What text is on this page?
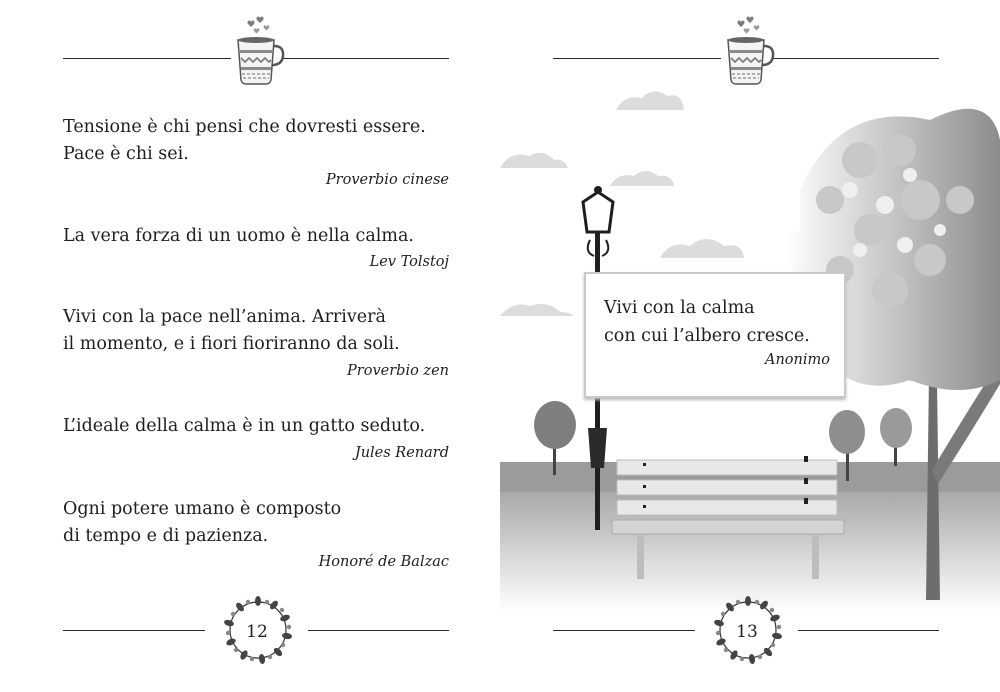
Tensione è chi pensi che dovresti essere.
Pace è chi sei.
Proverbio cinese
La vera forza di un uomo è nella calma.
Lev Tolstoj
Vivi con la pace nell’anima. Arriverà
il momento, e i fiori fioriranno da soli.
Proverbio zen
L’ideale della calma è in un gatto seduto.
Jules Renard
Ogni potere umano è composto
di tempo e di pazienza.
Honoré de Balzac
12
Vivi con la calma
con cui l’albero cresce.
Anonimo
13
